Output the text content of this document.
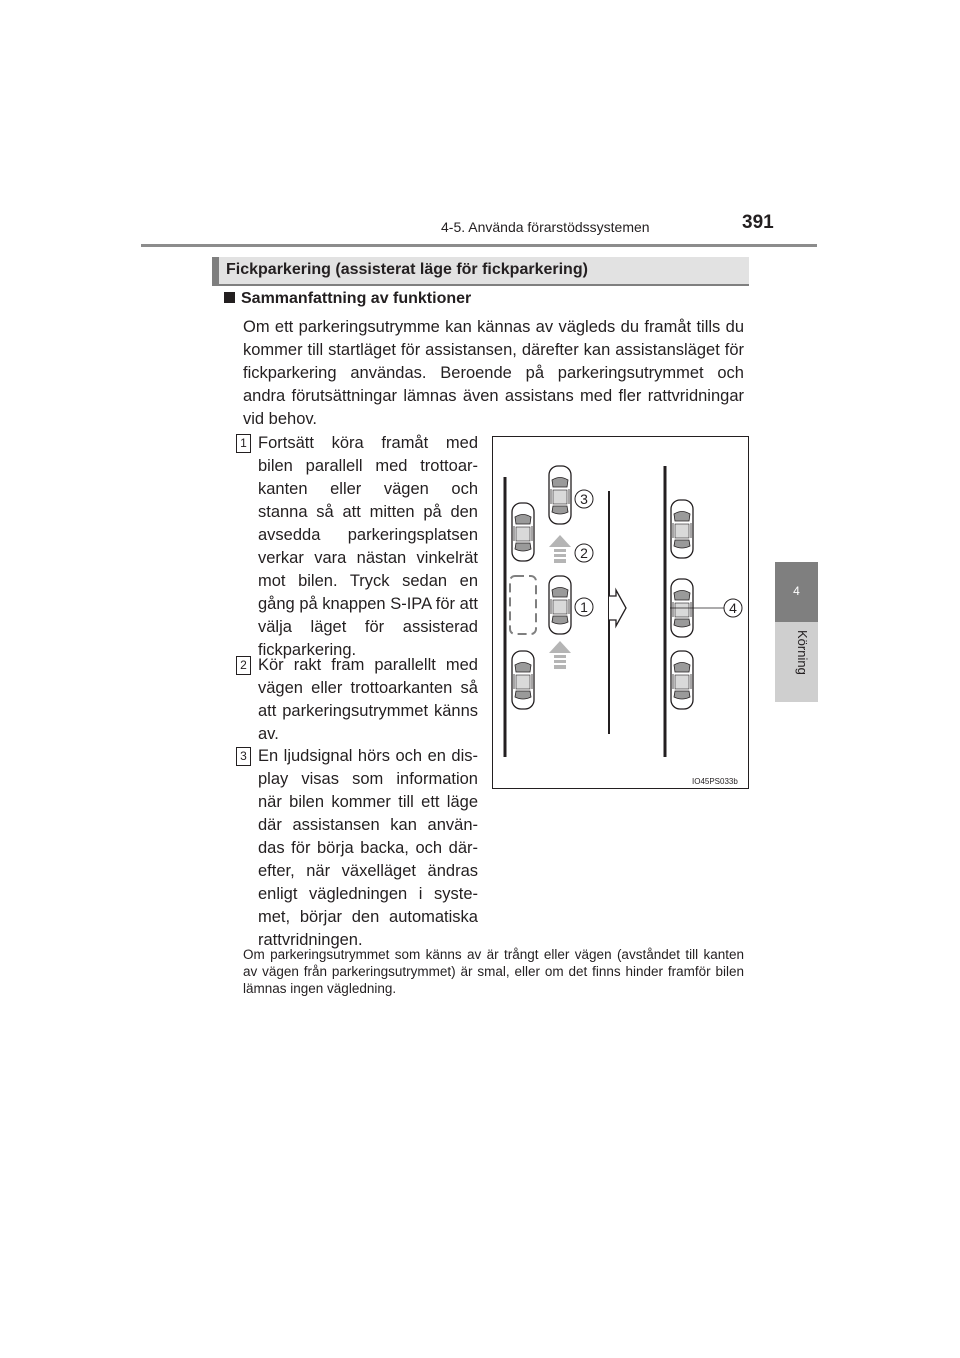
4-5. Använda förarstödssystemen	391
4
Körning
Fickparkering (assisterat läge för fickparkering)
Sammanfattning av funktioner
Om ett parkeringsutrymme kan kännas av vägleds du framåt tills du kommer till startläget för assistansen, därefter kan assistansläget för fickparkering användas. Beroende på parkeringsutrymmet och andra förutsättningar lämnas även assistans med fler rattvridningar vid behov.
1 Fortsätt köra framåt med bilen parallell med trottoarkanten eller vägen och stanna så att mitten på den avsedda parkeringsplatsen verkar vara nästan vinkelrät mot bilen. Tryck sedan en gång på knappen S-IPA för att välja läget för assisterad fickparkering.
2 Kör rakt fram parallellt med vägen eller trottoarkanten så att parkeringsutrymmet känns av.
3 En ljudsignal hörs och en display visas som information när bilen kommer till ett läge där assistansen kan användas för börja backa, och därefter, när växelläget ändras enligt vägledningen i systemet, börjar den automatiska rattvridningen.
Om parkeringsutrymmet som känns av är trångt eller vägen (avståndet till kanten av vägen från parkeringsutrymmet) är smal, eller om det finns hinder framför bilen lämnas ingen vägledning.
3
2
1	4
IO45PS033b
